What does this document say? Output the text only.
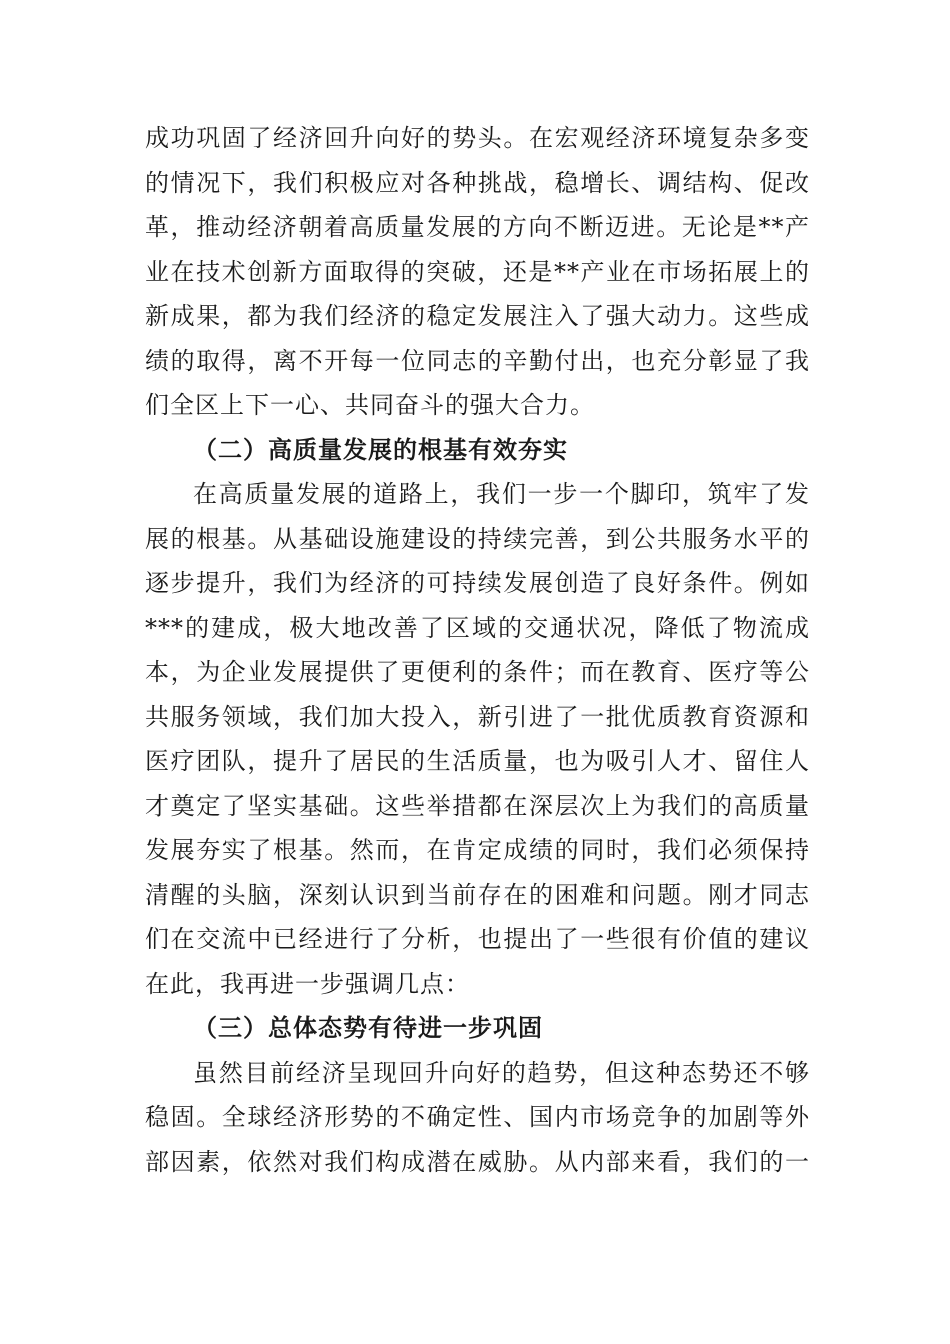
成功巩固了经济回升向好的势头。在宏观经济环境复杂多变
的情况下，我们积极应对各种挑战，稳增长、调结构、促改
革，推动经济朝着高质量发展的方向不断迈进。无论是**产
业在技术创新方面取得的突破，还是**产业在市场拓展上的
新成果，都为我们经济的稳定发展注入了强大动力。这些成
绩的取得，离不开每一位同志的辛勤付出，也充分彰显了我
们全区上下一心、共同奋斗的强大合力。
（二）高质量发展的根基有效夯实
在高质量发展的道路上，我们一步一个脚印，筑牢了发
展的根基。从基础设施建设的持续完善，到公共服务水平的
逐步提升，我们为经济的可持续发展创造了良好条件。例如
***的建成，极大地改善了区域的交通状况，降低了物流成
本，为企业发展提供了更便利的条件；而在教育、医疗等公
共服务领域，我们加大投入，新引进了一批优质教育资源和
医疗团队，提升了居民的生活质量，也为吸引人才、留住人
才奠定了坚实基础。这些举措都在深层次上为我们的高质量
发展夯实了根基。然而，在肯定成绩的同时，我们必须保持
清醒的头脑，深刻认识到当前存在的困难和问题。刚才同志
们在交流中已经进行了分析，也提出了一些很有价值的建议
在此，我再进一步强调几点：
（三）总体态势有待进一步巩固
虽然目前经济呈现回升向好的趋势，但这种态势还不够
稳固。全球经济形势的不确定性、国内市场竞争的加剧等外
部因素，依然对我们构成潜在威胁。从内部来看，我们的一
